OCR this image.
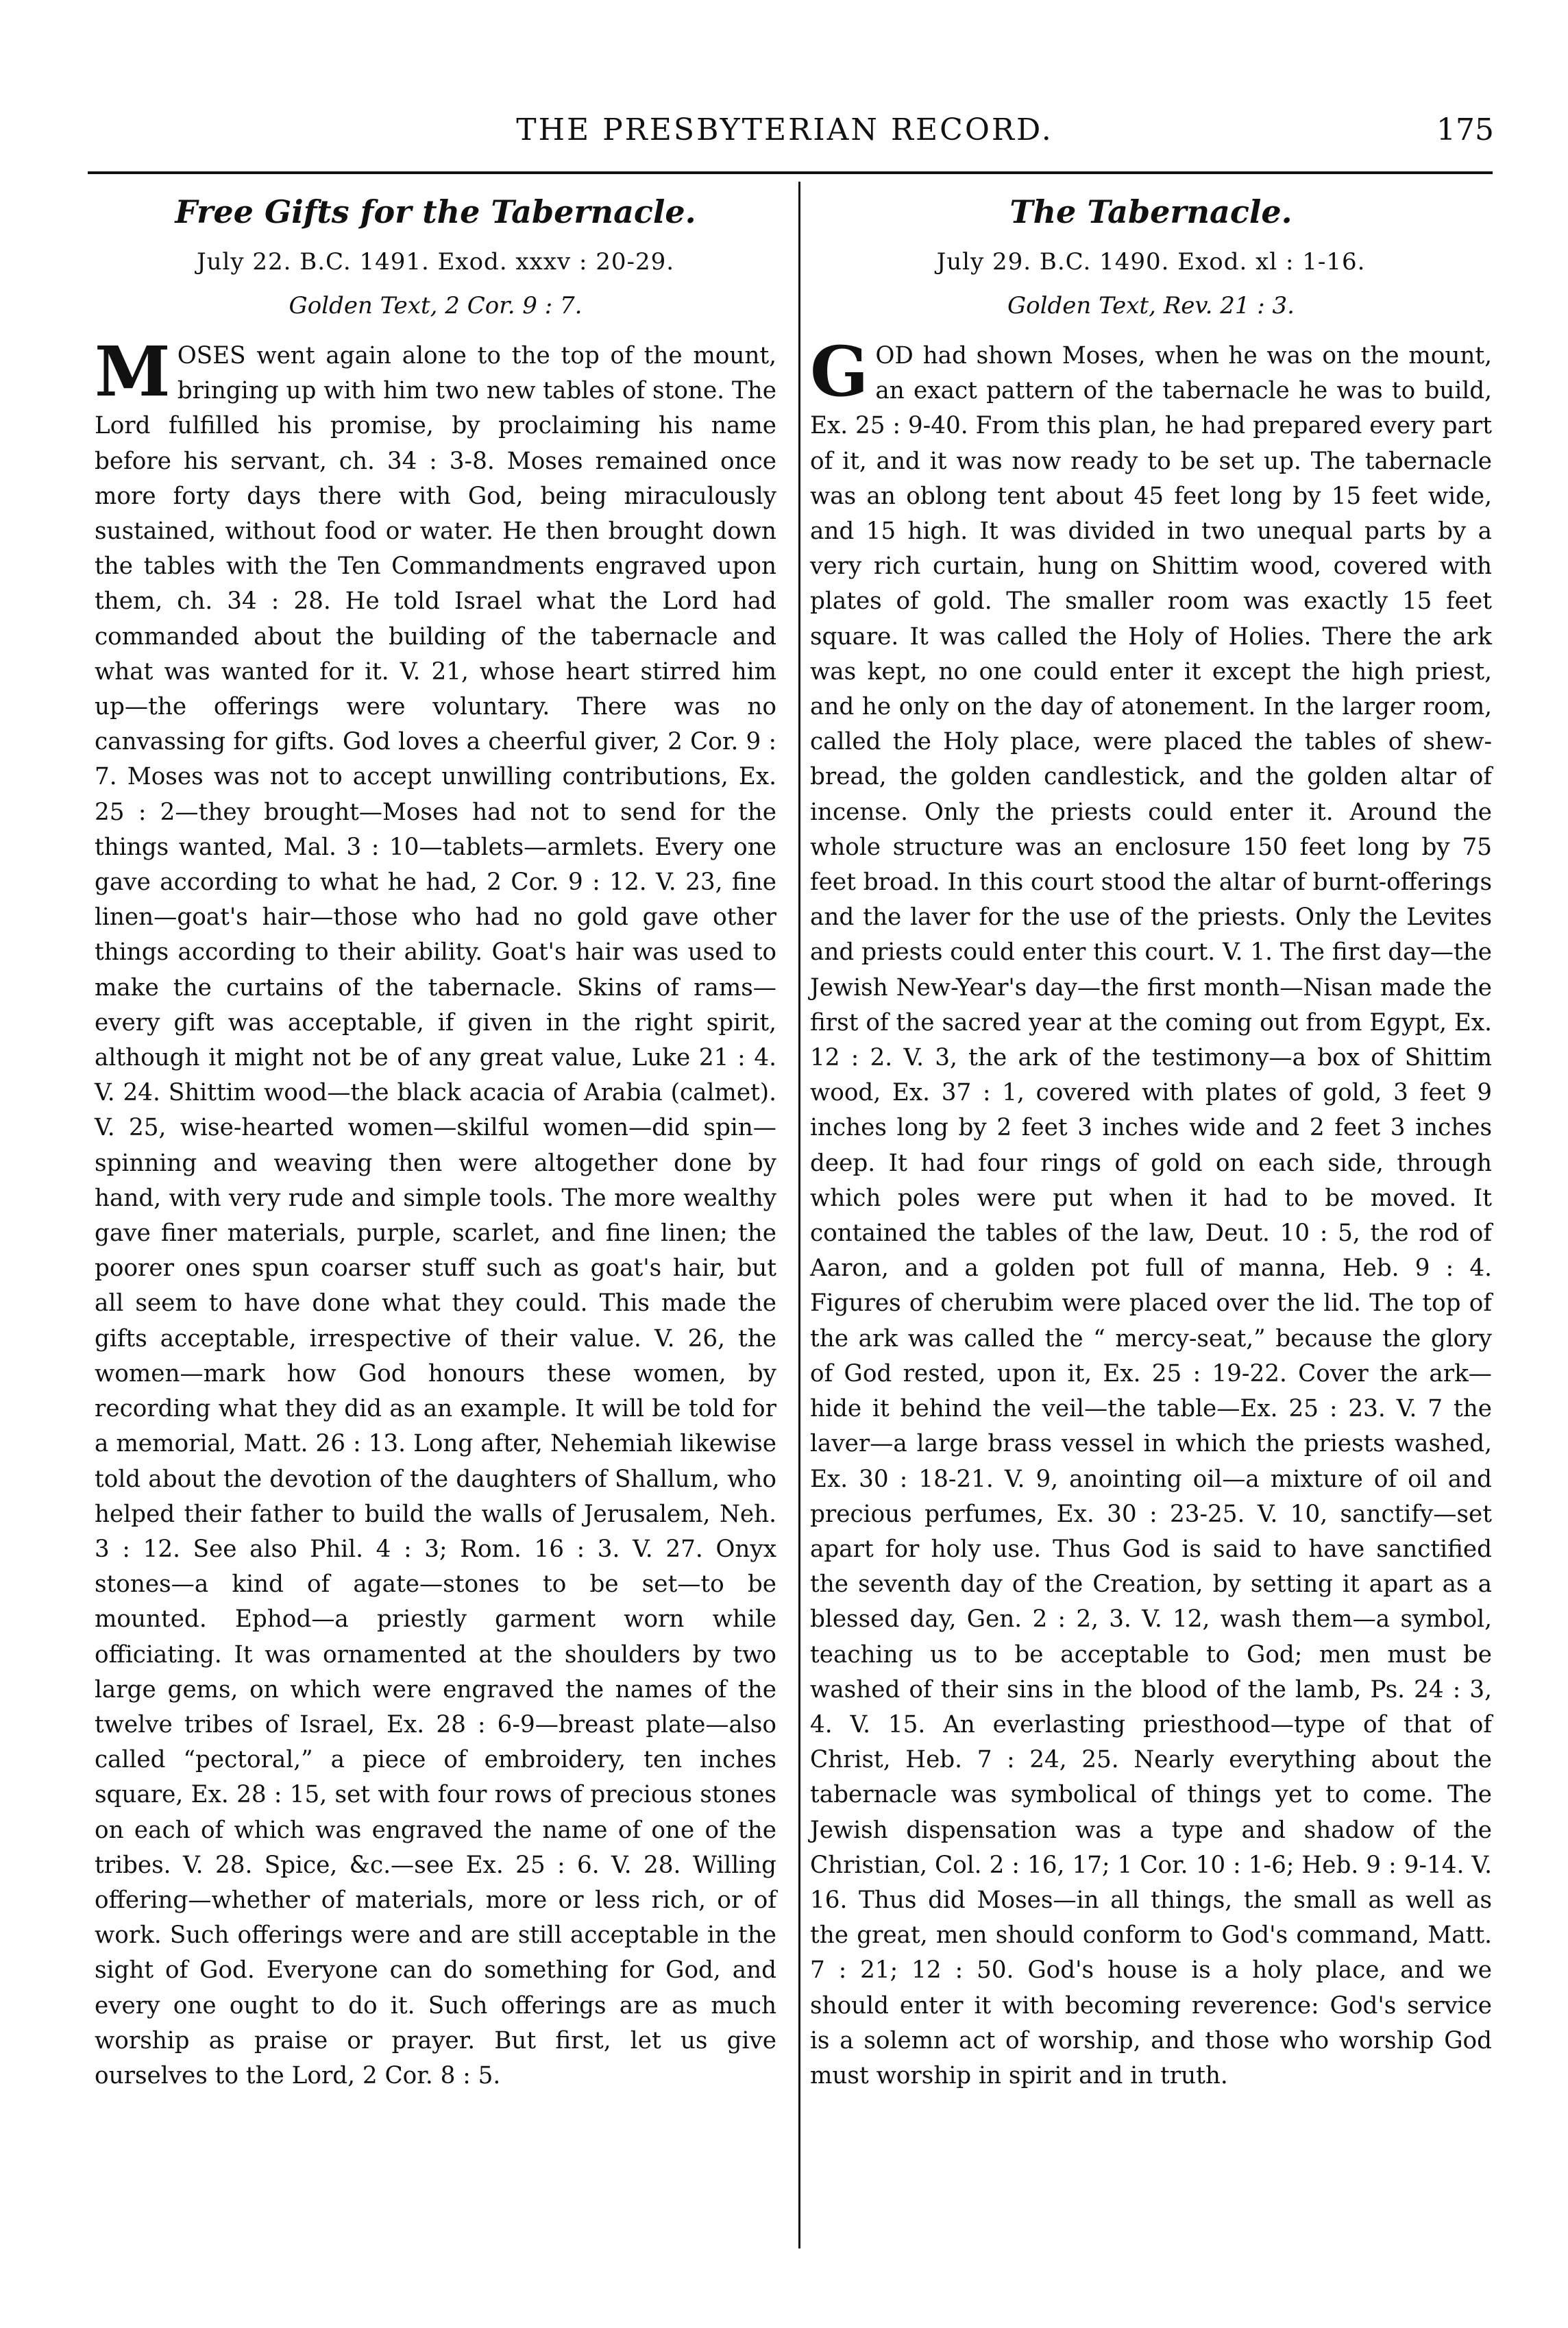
THE PRESBYTERIAN RECORD.	175
Free Gifts for the Tabernacle.

July 22. B.C. 1491. Exod. xxxv : 20-29.

Golden Text, 2 Cor. 9 : 7.

MOSES went again alone to the top of the mount, bringing up with him two new tables of stone. The Lord fulfilled his promise, by proclaiming his name before his servant, ch. 34 : 3-8. Moses remained once more forty days there with God, being miraculously sustained, without food or water. He then brought down the tables with the Ten Commandments engraved upon them, ch. 34 : 28. He told Israel what the Lord had commanded about the building of the tabernacle and what was wanted for it. V. 21, whose heart stirred him up—the offerings were voluntary. There was no canvassing for gifts. God loves a cheerful giver, 2 Cor. 9 : 7. Moses was not to accept unwilling contributions, Ex. 25 : 2—they brought—Moses had not to send for the things wanted, Mal. 3 : 10—tablets—armlets. Every one gave according to what he had, 2 Cor. 9 : 12. V. 23, fine linen—goat's hair—those who had no gold gave other things according to their ability. Goat's hair was used to make the curtains of the tabernacle. Skins of rams—every gift was acceptable, if given in the right spirit, although it might not be of any great value, Luke 21 : 4. V. 24. Shittim wood—the black acacia of Arabia (calmet). V. 25, wise-hearted women—skilful women—did spin—spinning and weaving then were altogether done by hand, with very rude and simple tools. The more wealthy gave finer materials, purple, scarlet, and fine linen; the poorer ones spun coarser stuff such as goat's hair, but all seem to have done what they could. This made the gifts acceptable, irrespective of their value. V. 26, the women—mark how God honours these women, by recording what they did as an example. It will be told for a memorial, Matt. 26 : 13. Long after, Nehemiah likewise told about the devotion of the daughters of Shallum, who helped their father to build the walls of Jerusalem, Neh. 3 : 12. See also Phil. 4 : 3; Rom. 16 : 3. V. 27. Onyx stones—a kind of agate—stones to be set—to be mounted. Ephod—a priestly garment worn while officiating. It was ornamented at the shoulders by two large gems, on which were engraved the names of the twelve tribes of Israel, Ex. 28 : 6-9—breast plate—also called “pectoral,” a piece of embroidery, ten inches square, Ex. 28 : 15, set with four rows of precious stones on each of which was engraved the name of one of the tribes. V. 28. Spice, &c.—see Ex. 25 : 6. V. 28. Willing offering—whether of materials, more or less rich, or of work. Such offerings were and are still acceptable in the sight of God. Everyone can do something for God, and every one ought to do it. Such offerings are as much worship as praise or prayer. But first, let us give ourselves to the Lord, 2 Cor. 8 : 5.

The Tabernacle.

July 29. B.C. 1490. Exod. xl : 1-16.

Golden Text, Rev. 21 : 3.

GOD had shown Moses, when he was on the mount, an exact pattern of the tabernacle he was to build, Ex. 25 : 9-40. From this plan, he had prepared every part of it, and it was now ready to be set up. The tabernacle was an oblong tent about 45 feet long by 15 feet wide, and 15 high. It was divided in two unequal parts by a very rich curtain, hung on Shittim wood, covered with plates of gold. The smaller room was exactly 15 feet square. It was called the Holy of Holies. There the ark was kept, no one could enter it except the high priest, and he only on the day of atonement. In the larger room, called the Holy place, were placed the tables of shew-bread, the golden candlestick, and the golden altar of incense. Only the priests could enter it. Around the whole structure was an enclosure 150 feet long by 75 feet broad. In this court stood the altar of burnt-offerings and the laver for the use of the priests. Only the Levites and priests could enter this court. V. 1. The first day—the Jewish New-Year's day—the first month—Nisan made the first of the sacred year at the coming out from Egypt, Ex. 12 : 2. V. 3, the ark of the testimony—a box of Shittim wood, Ex. 37 : 1, covered with plates of gold, 3 feet 9 inches long by 2 feet 3 inches wide and 2 feet 3 inches deep. It had four rings of gold on each side, through which poles were put when it had to be moved. It contained the tables of the law, Deut. 10 : 5, the rod of Aaron, and a golden pot full of manna, Heb. 9 : 4. Figures of cherubim were placed over the lid. The top of the ark was called the “ mercy-seat,” because the glory of God rested, upon it, Ex. 25 : 19-22. Cover the ark—hide it behind the veil—the table—Ex. 25 : 23. V. 7 the laver—a large brass vessel in which the priests washed, Ex. 30 : 18-21. V. 9, anointing oil—a mixture of oil and precious perfumes, Ex. 30 : 23-25. V. 10, sanctify—set apart for holy use. Thus God is said to have sanctified the seventh day of the Creation, by setting it apart as a blessed day, Gen. 2 : 2, 3. V. 12, wash them—a symbol, teaching us to be acceptable to God; men must be washed of their sins in the blood of the lamb, Ps. 24 : 3, 4. V. 15. An everlasting priesthood—type of that of Christ, Heb. 7 : 24, 25. Nearly everything about the tabernacle was symbolical of things yet to come. The Jewish dispensation was a type and shadow of the Christian, Col. 2 : 16, 17; 1 Cor. 10 : 1-6; Heb. 9 : 9-14. V. 16. Thus did Moses—in all things, the small as well as the great, men should conform to God's command, Matt. 7 : 21; 12 : 50. God's house is a holy place, and we should enter it with becoming reverence: God's service is a solemn act of worship, and those who worship God must worship in spirit and in truth.
